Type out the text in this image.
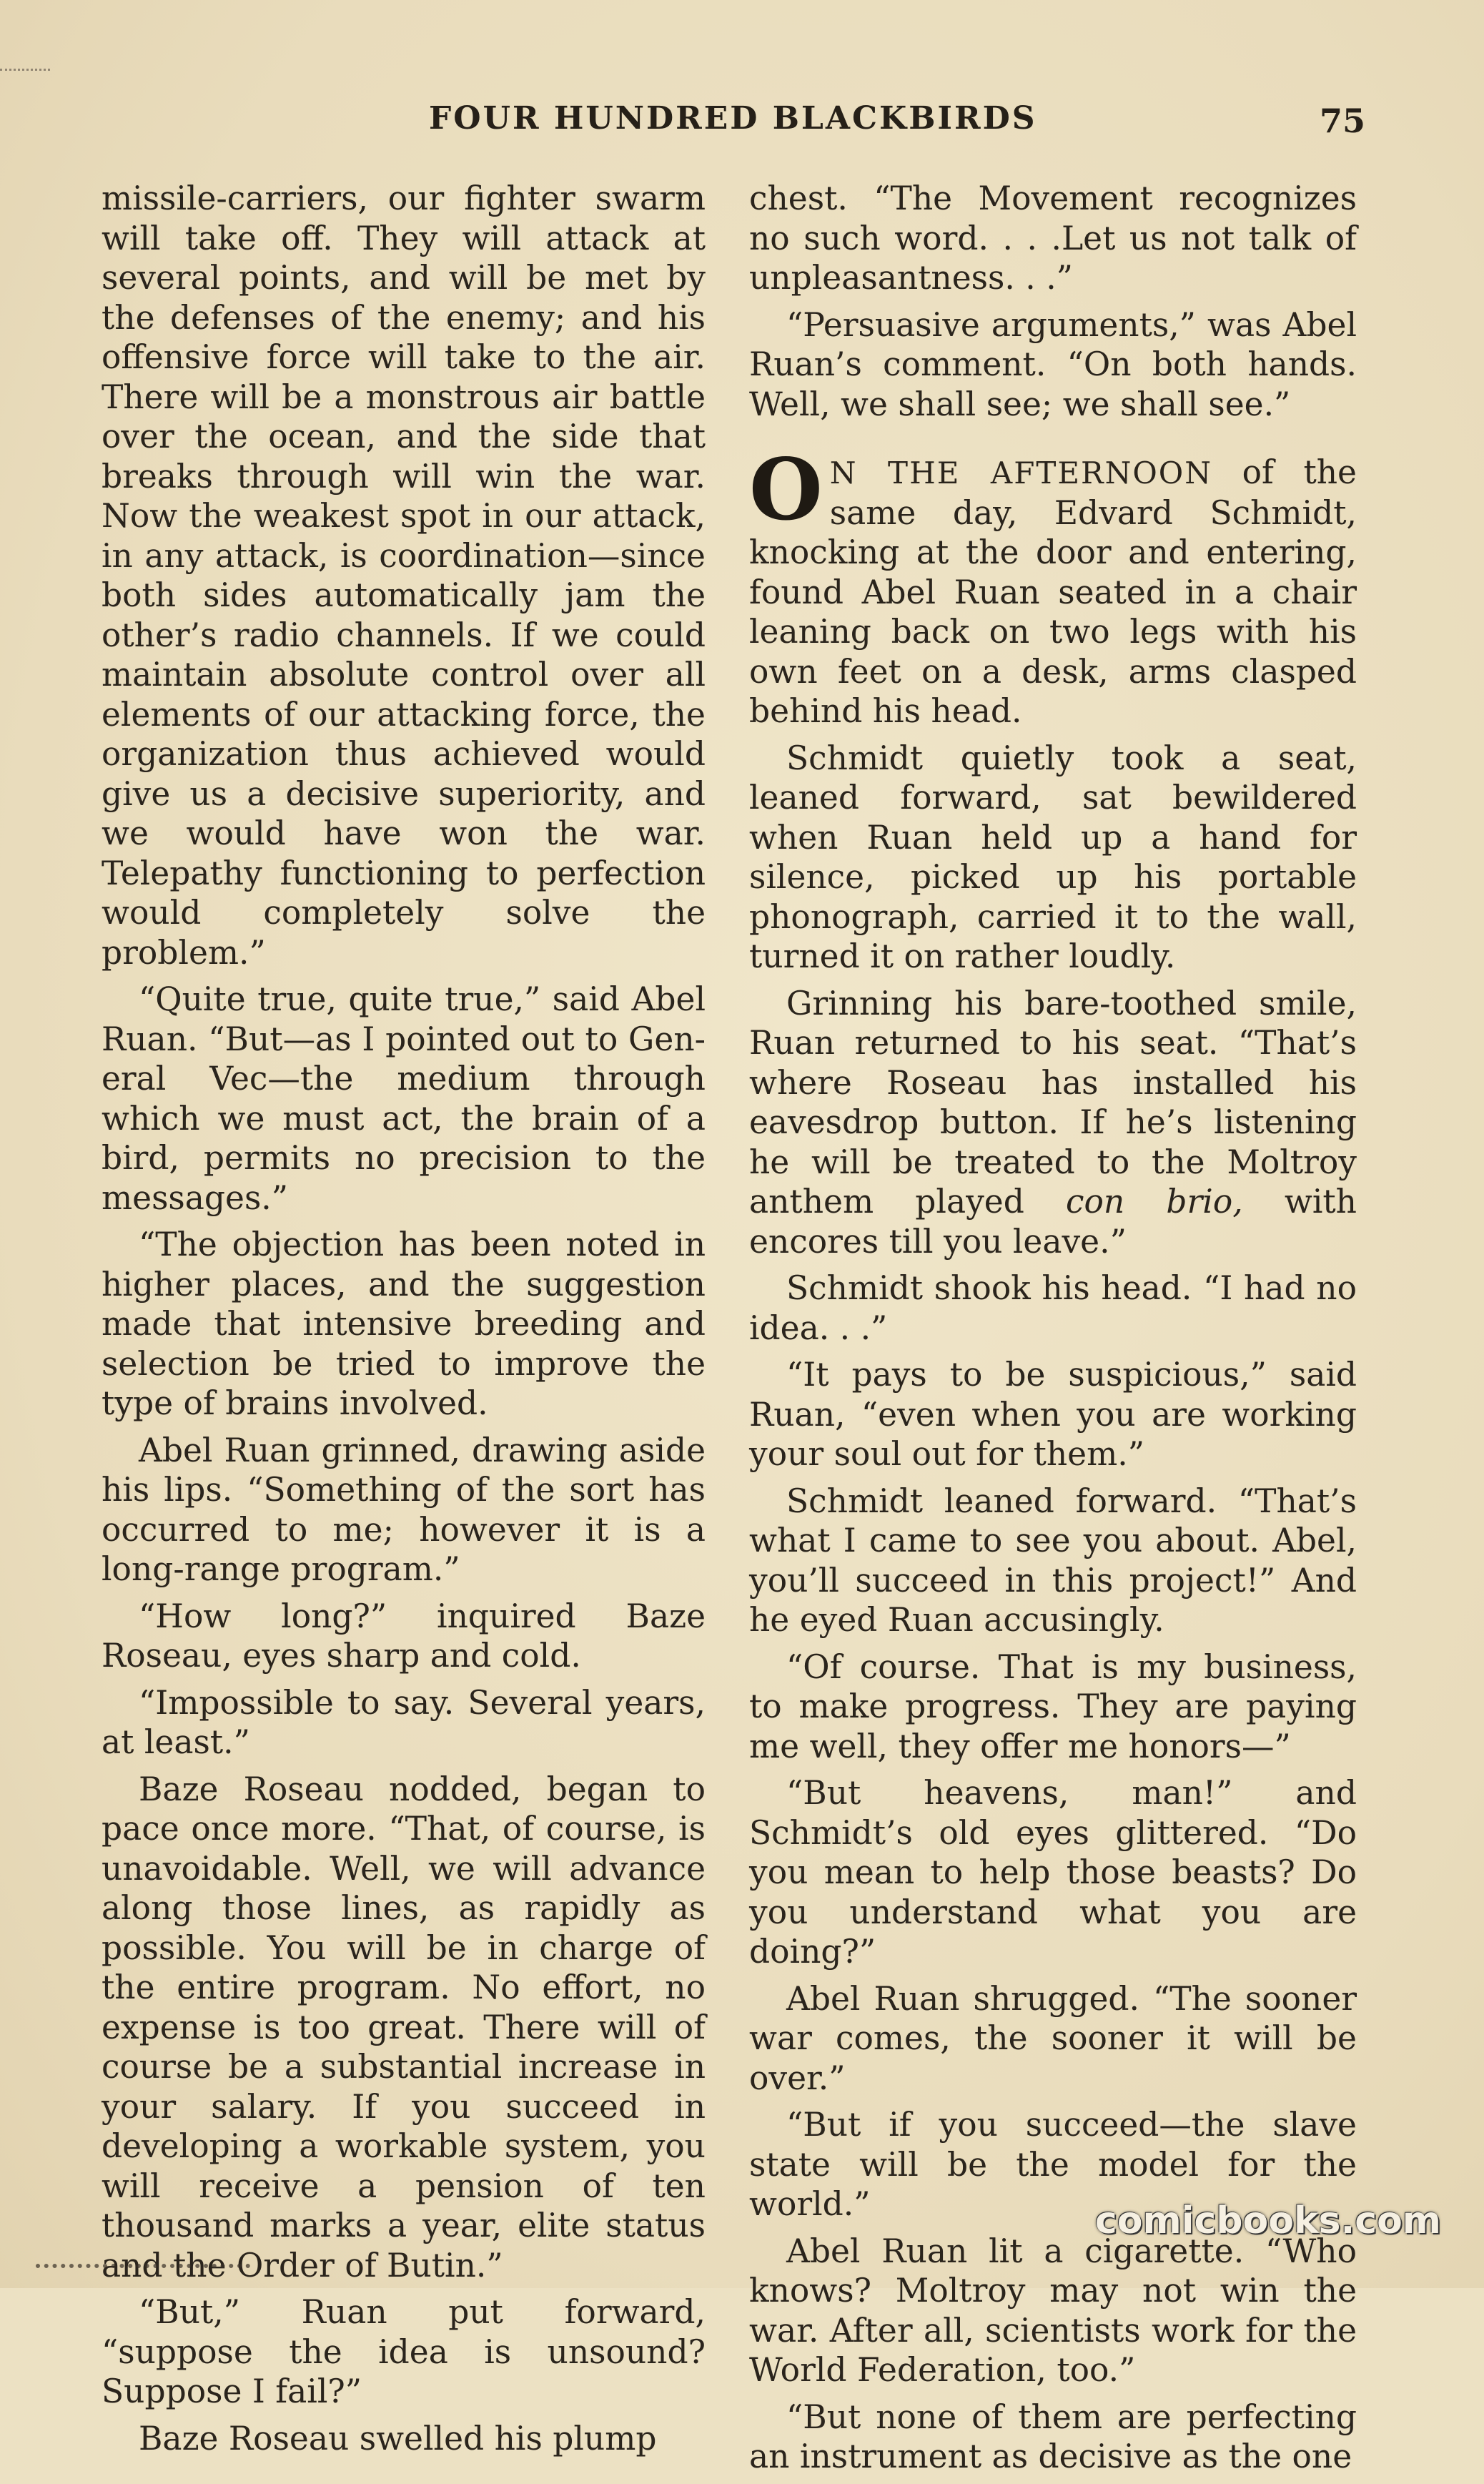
FOUR HUNDRED BLACKBIRDS	75

missile-carriers, our fighter swarm will take off. They will attack at several points, and will be met by the defenses of the enemy; and his offensive force will take to the air. There will be a monstrous air battle over the ocean, and the side that breaks through will win the war. Now the weakest spot in our attack, in any attack, is coordination—since both sides automatically jam the other’s radio channels. If we could maintain absolute control over all elements of our attacking force, the organization thus achieved would give us a decisive superiority, and we would have won the war. Telepathy functioning to perfection would completely solve the problem.”

“Quite true, quite true,” said Abel Ruan. “But—as I pointed out to General Vec—the medium through which we must act, the brain of a bird, permits no precision to the messages.”

“The objection has been noted in higher places, and the suggestion made that intensive breeding and selection be tried to improve the type of brains involved.

Abel Ruan grinned, drawing aside his lips. “Something of the sort has occurred to me; however it is a long-range program.”

“How long?” inquired Baze Roseau, eyes sharp and cold.

“Impossible to say. Several years, at least.”

Baze Roseau nodded, began to pace once more. “That, of course, is unavoidable. Well, we will advance along those lines, as rapidly as possible. You will be in charge of the entire program. No effort, no expense is too great. There will of course be a substantial increase in your salary. If you succeed in developing a workable system, you will receive a pension of ten thousand marks a year, elite status and the Order of Butin.”

“But,” Ruan put forward, “suppose the idea is unsound? Suppose I fail?”

Baze Roseau swelled his plump

chest. “The Movement recognizes no such word. . . .Let us not talk of unpleasantness. . .”

“Persuasive arguments,” was Abel Ruan’s comment. “On both hands. Well, we shall see; we shall see.”

O N THE AFTERNOON of the same day, Edvard Schmidt, knocking at the door and entering, found Abel Ruan seated in a chair leaning back on two legs with his own feet on a desk, arms clasped behind his head.

Schmidt quietly took a seat, leaned forward, sat bewildered when Ruan held up a hand for silence, picked up his portable phonograph, carried it to the wall, turned it on rather loudly.

Grinning his bare-toothed smile, Ruan returned to his seat. “That’s where Roseau has installed his eavesdrop button. If he’s listening he will be treated to the Moltroy anthem played con brio, with encores till you leave.”

Schmidt shook his head. “I had no idea. . .”

“It pays to be suspicious,” said Ruan, “even when you are working your soul out for them.”

Schmidt leaned forward. “That’s what I came to see you about. Abel, you’ll succeed in this project!” And he eyed Ruan accusingly.

“Of course. That is my business, to make progress. They are paying me well, they offer me honors—”

“But heavens, man!” and Schmidt’s old eyes glittered. “Do you mean to help those beasts? Do you understand what you are doing?”

Abel Ruan shrugged. “The sooner war comes, the sooner it will be over.”

“But if you succeed—the slave state will be the model for the world.”

Abel Ruan lit a cigarette. “Who knows? Moltroy may not win the war. After all, scientists work for the World Federation, too.”

“But none of them are perfecting an instrument as decisive as the one

comicbooks.com
